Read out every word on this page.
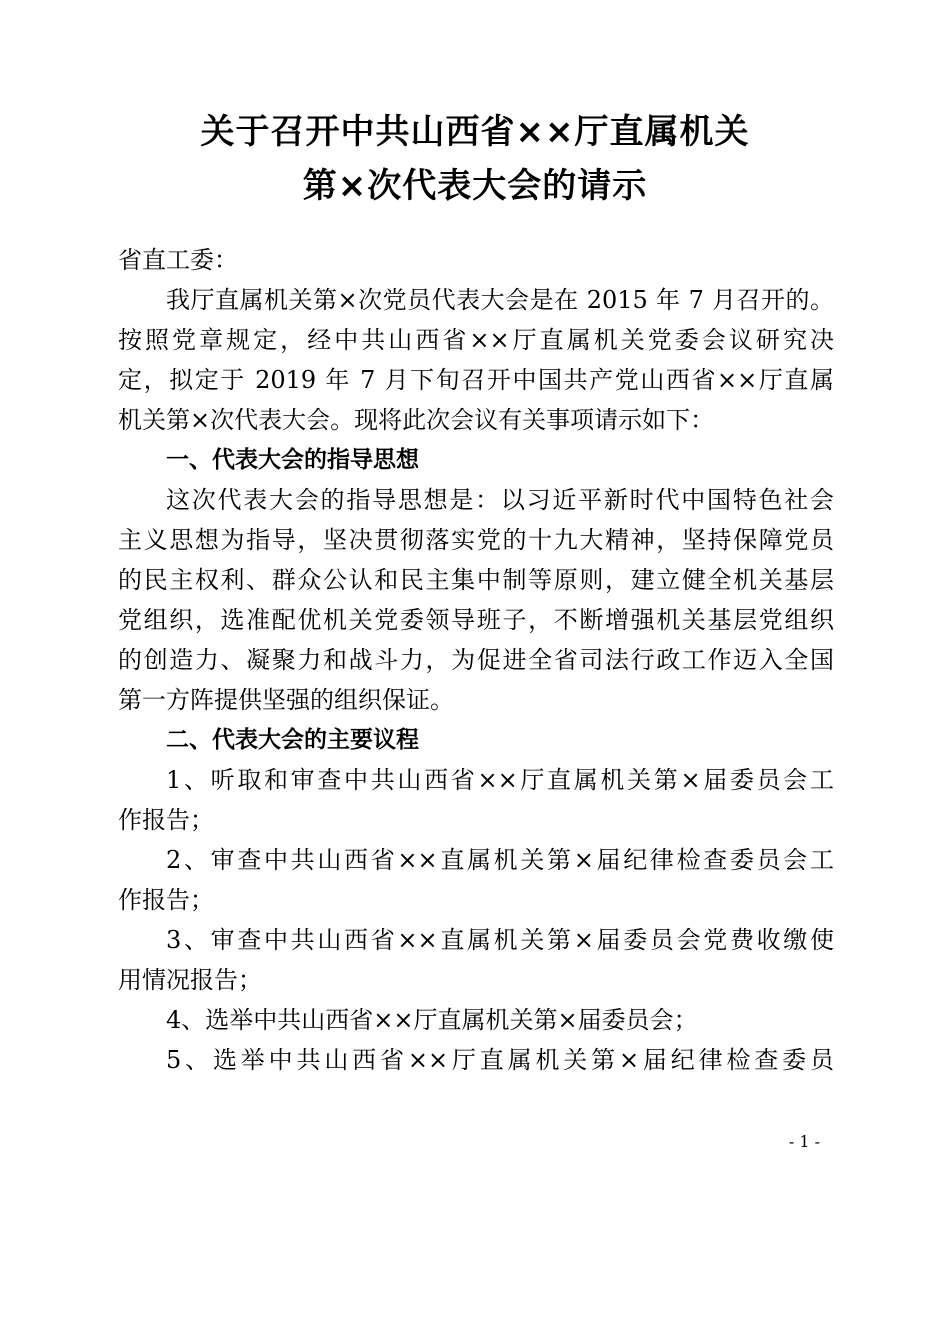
关于召开中共山西省××厅直属机关
第×次代表大会的请示
省直工委：
我厅直属机关第×次党员代表大会是在 2015 年 7 月召开的。
按照党章规定，经中共山西省××厅直属机关党委会议研究决
定，拟定于 2019 年 7 月下旬召开中国共产党山西省××厅直属
机关第×次代表大会。现将此次会议有关事项请示如下：
一、代表大会的指导思想
这次代表大会的指导思想是：以习近平新时代中国特色社会
主义思想为指导，坚决贯彻落实党的十九大精神，坚持保障党员
的民主权利、群众公认和民主集中制等原则，建立健全机关基层
党组织，选准配优机关党委领导班子，不断增强机关基层党组织
的创造力、凝聚力和战斗力，为促进全省司法行政工作迈入全国
第一方阵提供坚强的组织保证。
二、代表大会的主要议程
1、听取和审查中共山西省××厅直属机关第×届委员会工
作报告；
2、审查中共山西省××直属机关第×届纪律检查委员会工
作报告；
3、审查中共山西省××直属机关第×届委员会党费收缴使
用情况报告；
4、选举中共山西省××厅直属机关第×届委员会；
5、选举中共山西省××厅直属机关第×届纪律检查委员
- 1 -
